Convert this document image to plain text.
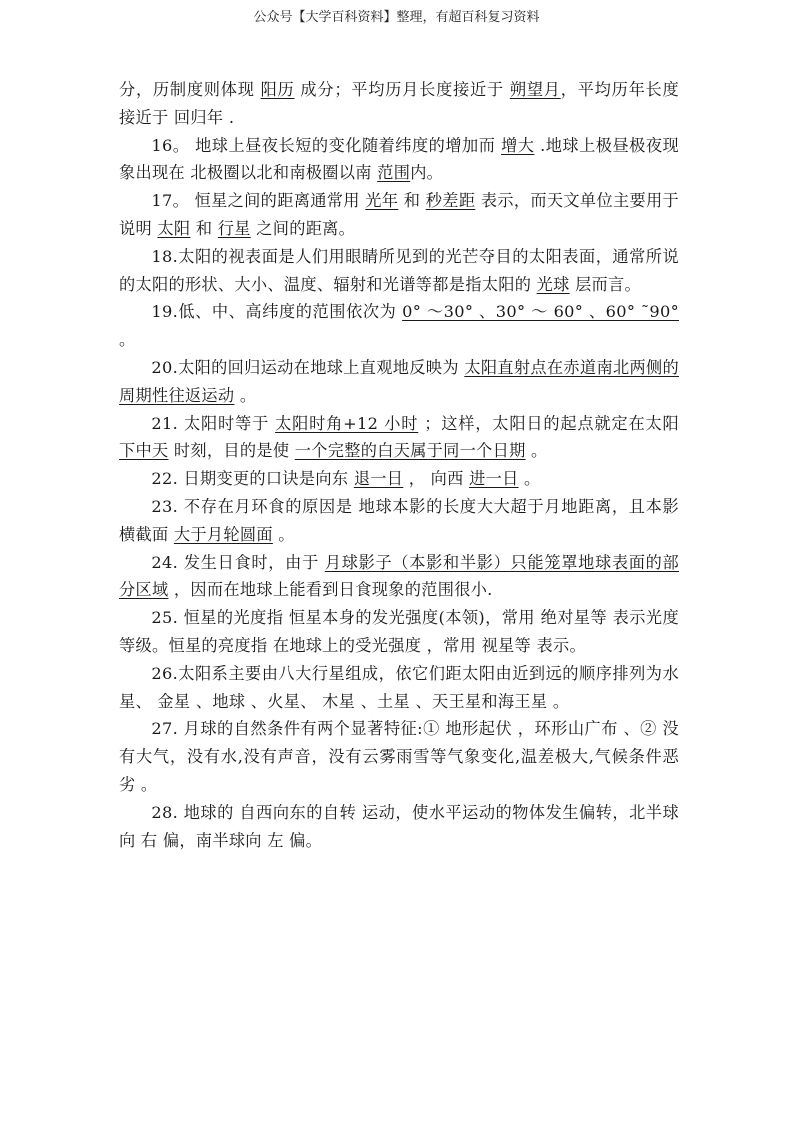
公众号【大学百科资料】整理，有超百科复习资料

分，历制度则体现 阳历 成分；平均历月长度接近于 朔望月，平均历年长度接近于 回归年 .

16。 地球上昼夜长短的变化随着纬度的增加而 增大 .地球上极昼极夜现象出现在 北极圈以北和南极圈以南 范围内。

17。 恒星之间的距离通常用 光年 和 秒差距 表示，而天文单位主要用于说明 太阳 和 行星 之间的距离。

18.太阳的视表面是人们用眼睛所见到的光芒夺目的太阳表面，通常所说的太阳的形状、大小、温度、辐射和光谱等都是指太阳的 光球 层而言。

19.低、中、高纬度的范围依次为 0° ～30° 、30° ～ 60° 、60° ˜90° 。

20.太阳的回归运动在地球上直观地反映为 太阳直射点在赤道南北两侧的周期性往返运动 。

21. 太阳时等于 太阳时角+12 小时 ；这样，太阳日的起点就定在太阳 下中天 时刻，目的是使 一个完整的白天属于同一个日期 。

22. 日期变更的口诀是向东 退一日 ， 向西 进一日 。

23. 不存在月环食的原因是 地球本影的长度大大超于月地距离，且本影横截面 大于月轮圆面 。

24. 发生日食时，由于 月球影子（本影和半影）只能笼罩地球表面的部分区域 ，因而在地球上能看到日食现象的范围很小.

25. 恒星的光度指 恒星本身的发光强度(本领)，常用 绝对星等 表示光度等级。恒星的亮度指 在地球上的受光强度 ，常用 视星等 表示。

26.太阳系主要由八大行星组成，依它们距太阳由近到远的顺序排列为水星、 金星 、地球 、火星、 木星 、土星 、天王星和海王星 。

27. 月球的自然条件有两个显著特征:① 地形起伏 ，环形山广布 、② 没有大气，没有水,没有声音，没有云雾雨雪等气象变化,温差极大,气候条件恶劣 。

28. 地球的 自西向东的自转 运动，使水平运动的物体发生偏转，北半球向 右 偏，南半球向 左 偏。
